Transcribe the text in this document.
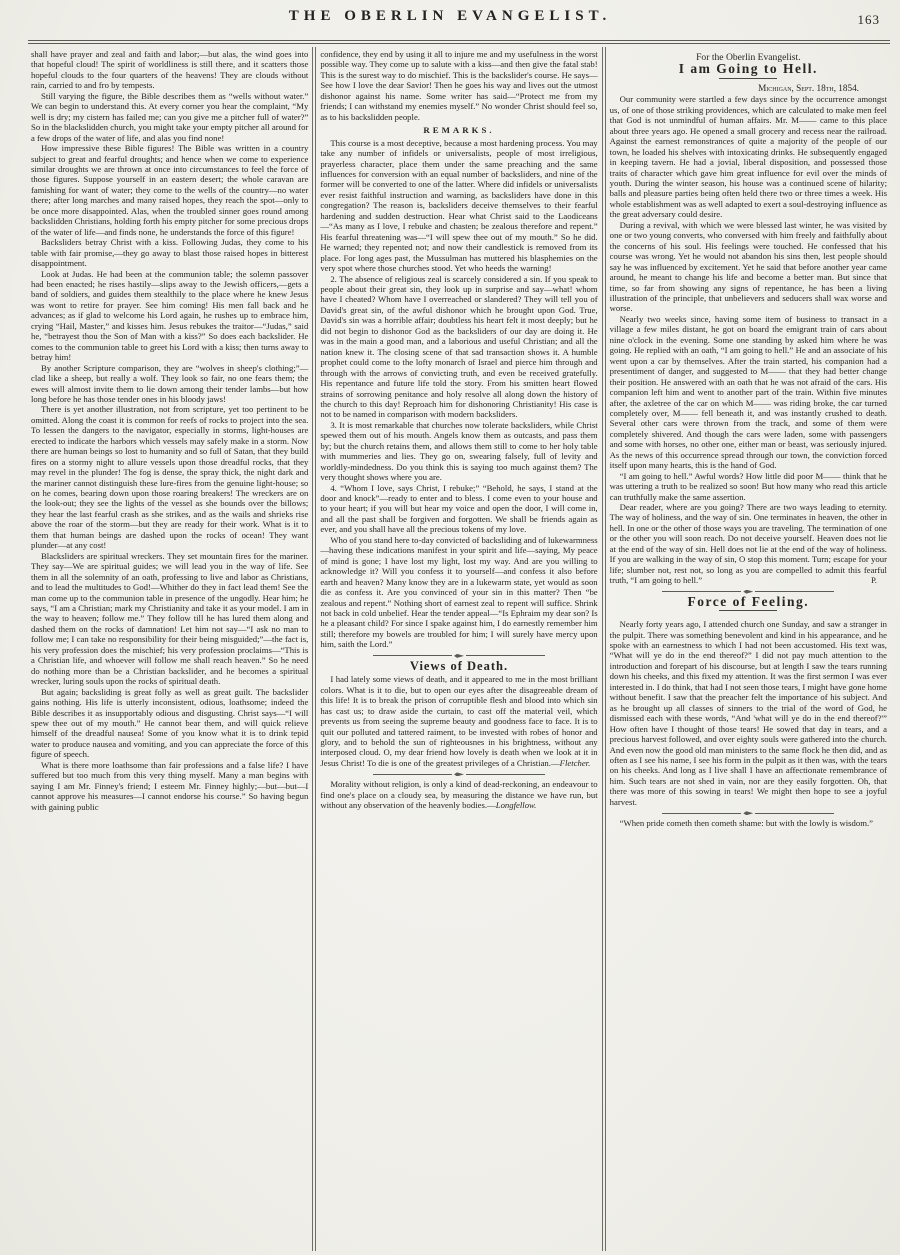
THE OBERLIN EVANGELIST.	163

shall have prayer and zeal and faith and labor;—but alas, the wind goes into that hopeful cloud! The spirit of worldliness is still there, and it scatters those hopeful clouds to the four quarters of the heavens! They are clouds without rain, carried to and fro by tempests.

Still varying the figure, the Bible describes them as “wells without water.” We can begin to understand this. At every corner you hear the complaint, “My well is dry; my cistern has failed me; can you give me a pitcher full of water?” So in the blackslidden church, you might take your empty pitcher all around for a few drops of the water of life, and alas you find none!

How impressive these Bible figures! The Bible was written in a country subject to great and fearful droughts; and hence when we come to experience similar droughts we are thrown at once into circumstances to feel the force of those figures. Suppose yourself in an eastern desert; the whole caravan are famishing for want of water; they come to the wells of the country—no water there; after long marches and many raised hopes, they reach the spot—only to be once more disappointed. Alas, when the troubled sinner goes round among backslidden Christians, holding forth his empty pitcher for some precious drops of the water of life—and finds none, he understands the force of this figure!

Backsliders betray Christ with a kiss. Following Judas, they come to his table with fair promise,—they go away to blast those raised hopes in bitterest disappointment.

Look at Judas. He had been at the communion table; the solemn passover had been enacted; he rises hastily—slips away to the Jewish officers,—gets a band of soldiers, and guides them stealthily to the place where he knew Jesus was wont to retire for prayer. See him coming! His men fall back and he advances; as if glad to welcome his Lord again, he rushes up to embrace him, crying “Hail, Master,” and kisses him. Jesus rebukes the traitor—“Judas,” said he, “betrayest thou the Son of Man with a kiss?” So does each backslider. He comes to the communion table to greet his Lord with a kiss; then turns away to betray him!

By another Scripture comparison, they are “wolves in sheep's clothing;”—clad like a sheep, but really a wolf. They look so fair, no one fears them; the ewes will almost invite them to lie down among their tender lambs—but how long before he has those tender ones in his bloody jaws!

There is yet another illustration, not from scripture, yet too pertinent to be omitted. Along the coast it is common for reefs of rocks to project into the sea. To lessen the dangers to the navigator, especially in storms, light-houses are erected to indicate the harbors which vessels may safely make in a storm. Now there are human beings so lost to humanity and so full of Satan, that they build fires on a stormy night to allure vessels upon those dreadful rocks, that they may revel in the plunder! The fog is dense, the spray thick, the night dark and the mariner cannot distinguish these lure-fires from the genuine light-house; so on he comes, bearing down upon those roaring breakers! The wreckers are on the look-out; they see the lights of the vessel as she bounds over the billows; they hear the last fearful crash as she strikes, and as the wails and shrieks rise above the roar of the storm—but they are ready for their work. What is it to them that human beings are dashed upon the rocks of ocean! They want plunder—at any cost!

Blacksliders are spiritual wreckers. They set mountain fires for the mariner. They say—We are spiritual guides; we will lead you in the way of life. See them in all the solemnity of an oath, professing to live and labor as Christians, and to lead the multitudes to God!—Whither do they in fact lead them! See the man come up to the communion table in presence of the ungodly. Hear him; he says, “I am a Christian; mark my Christianity and take it as your model. I am in the way to heaven; follow me.” They follow till he has lured them along and dashed them on the rocks of damnation! Let him not say—“I ask no man to follow me; I can take no responsibility for their being misguided;”—the fact is, his very profession does the mischief; his very profession proclaims—“This is a Christian life, and whoever will follow me shall reach heaven.” So he need do nothing more than be a Christian backslider, and he becomes a spiritual wrecker, luring souls upon the rocks of spiritual death.

But again; backsliding is great folly as well as great guilt. The backslider gains nothing. His life is utterly inconsistent, odious, loathsome; indeed the Bible describes it as insupportably odious and disgusting. Christ says—“I will spew thee out of my mouth.” He cannot bear them, and will quick relieve himself of the dreadful nausea! Some of you know what it is to drink tepid water to produce nausea and vomiting, and you can appreciate the force of this figure of speech.

What is there more loathsome than fair professions and a false life? I have suffered but too much from this very thing myself. Many a man begins with saying I am Mr. Finney's friend; I esteem Mr. Finney highly;—but—but—I cannot approve his measures—I cannot endorse his course.” So having begun with gaining public

confidence, they end by using it all to injure me and my usefulness in the worst possible way. They come up to salute with a kiss—and then give the fatal stab! This is the surest way to do mischief. This is the backslider's course. He says—See how I love the dear Savior! Then he goes his way and lives out the utmost dishonor against his name. Some writer has said—“Protect me from my friends; I can withstand my enemies myself.” No wonder Christ should feel so, as to his backslidden people.

REMARKS.

This course is a most deceptive, because a most hardening process. You may take any number of infidels or universalists, people of most irreligious, prayerless character, place them under the same preaching and the same influences for conversion with an equal number of backsliders, and nine of the former will be converted to one of the latter. Where did infidels or universalists ever resist faithful instruction and warning, as backsliders have done in this congregation? The reason is, backsliders deceive themselves to their fearful hardening and sudden destruction. Hear what Christ said to the Laodiceans—“As many as I love, I rebuke and chasten; be zealous therefore and repent.” His fearful threatening was—“I will spew thee out of my mouth.” So he did. He warned; they repented not; and now their candlestick is removed from its place. For long ages past, the Mussulman has muttered his blasphemies on the very spot where those churches stood. Yet who heeds the warning!

2. The absence of religious zeal is scarcely considered a sin. If you speak to people about their great sin, they look up in surprise and say—what! whom have I cheated? Whom have I overreached or slandered? They will tell you of David's great sin, of the awful dishonor which he brought upon God. True, David's sin was a horrible affair; doubtless his heart felt it most deeply; but he did not begin to dishonor God as the backsliders of our day are doing it. He was in the main a good man, and a laborious and useful Christian; and all the nation knew it. The closing scene of that sad transaction shows it. A humble prophet could come to the lofty monarch of Israel and pierce him through and through with the arrows of convicting truth, and even be received gratefully. His repentance and future life told the story. From his smitten heart flowed strains of sorrowing penitance and holy resolve all along down the history of the church to this day! Reproach him for dishonoring Christianity! His case is not to be named in comparison with modern backsliders.

3. It is most remarkable that churches now tolerate backsliders, while Christ spewed them out of his mouth. Angels know them as outcasts, and pass them by; but the church retains them, and allows them still to come to her holy table with mummeries and lies. They go on, swearing falsely, full of levity and worldly-mindedness. Do you think this is saying too much against them? The very thought shows where you are.

4. “Whom I love, says Christ, I rebuke;” “Behold, he says, I stand at the door and knock”—ready to enter and to bless. I come even to your house and to your heart; if you will but hear my voice and open the door, I will come in, and all the past shall be forgiven and forgotten. We shall be friends again as ever, and you shall have all the precious tokens of my love.

Who of you stand here to-day convicted of backsliding and of lukewarmness—having these indications manifest in your spirit and life—saying, My peace of mind is gone; I have lost my light, lost my way. And are you willing to acknowledge it? Will you confess it to yourself—and confess it also before earth and heaven? Many know they are in a lukewarm state, yet would as soon die as confess it. Are you convinced of your sin in this matter? Then “be zealous and repent.” Nothing short of earnest zeal to repent will suffice. Shrink not back in cold unbelief. Hear the tender appeal—“Is Ephraim my dear son? Is he a pleasant child? For since I spake against him, I do earnestly remember him still; therefore my bowels are troubled for him; I will surely have mercy upon him, saith the Lord.”

Views of Death.

I had lately some views of death, and it appeared to me in the most brilliant colors. What is it to die, but to open our eyes after the disagreeable dream of this life! It is to break the prison of corruptible flesh and blood into which sin has cast us; to draw aside the curtain, to cast off the material veil, which prevents us from seeing the supreme beauty and goodness face to face. It is to quit our polluted and tattered raiment, to be invested with robes of honor and glory, and to behold the sun of righteousnes in his brightness, without any interposed cloud. O, my dear friend how lovely is death when we look at it in Jesus Christ! To die is one of the greatest privileges of a Christian.—Fletcher.

Morality without religion, is only a kind of dead-reckoning, an endeavour to find one's place on a cloudy sea, by measuring the distance we have run, but without any observation of the heavenly bodies.—Longfellow.

For the Oberlin Evangelist.

I am Going to Hell.

Michigan, Sept. 18th, 1854.

Our community were startled a few days since by the occurrence amongst us, of one of those striking providences, which are calculated to make men feel that God is not unmindful of human affairs. Mr. M—— came to this place about three years ago. He opened a small grocery and recess near the railroad. Against the earnest remonstrances of quite a majority of the people of our town, he loaded his shelves with intoxicating drinks. He subsequently engaged in keeping tavern. He had a jovial, liberal disposition, and possessed those traits of character which gave him great influence for evil over the minds of youth. During the winter season, his house was a continued scene of hilarity; balls and pleasure parties being often held there two or three times a week. His whole establishment was as well adapted to exert a soul-destroying influence as the great adversary could desire.

During a revival, with which we were blessed last winter, he was visited by one or two young converts, who conversed with him freely and faithfully about the concerns of his soul. His feelings were touched. He confessed that his course was wrong. Yet he would not abandon his sins then, lest people should say he was influenced by excitement. Yet he said that before another year came around, he meant to change his life and become a better man. But since that time, so far from showing any signs of repentance, he has been a living illustration of the principle, that unbelievers and seducers shall wax worse and worse.

Nearly two weeks since, having some item of business to transact in a village a few miles distant, he got on board the emigrant train of cars about nine o'clock in the evening. Some one standing by asked him where he was going. He replied with an oath, “I am going to hell.” He and an associate of his went upon a car by themselves. After the train started, his companion had a presentiment of danger, and suggested to M—— that they had better change their position. He answered with an oath that he was not afraid of the cars. His companion left him and went to another part of the train. Within five minutes after, the axletree of the car on which M—— was riding broke, the car turned completely over, M—— fell beneath it, and was instantly crushed to death. Several other cars were thrown from the track, and some of them were completely shivered. And though the cars were laden, some with passengers and some with horses, no other one, either man or beast, was seriously injured. As the news of this occurrence spread through our town, the conviction forced itself upon many hearts, this is the hand of God.

“I am going to hell.” Awful words? How little did poor M—— think that he was uttering a truth to be realized so soon! But how many who read this article can truthfully make the same assertion.

Dear reader, where are you going? There are two ways leading to eternity. The way of holiness, and the way of sin. One terminates in heaven, the other in hell. In one or the other of those ways you are traveling. The termination of one or the other you will soon reach. Do not deceive yourself. Heaven does not lie at the end of the way of sin. Hell does not lie at the end of the way of holiness. If you are walking in the way of sin, O stop this moment. Turn; escape for your life; slumber not, rest not, so long as you are compelled to admit this fearful truth, “I am going to hell.”	P.

Force of Feeling.

Nearly forty years ago, I attended church one Sunday, and saw a stranger in the pulpit. There was something benevolent and kind in his appearance, and he spoke with an earnestness to which I had not been accustomed. His text was, “What will ye do in the end thereof?” I did not pay much attention to the introduction and forepart of his discourse, but at length I saw the tears running down his cheeks, and this fixed my attention. It was the first sermon I was ever interested in. I do think, that had I not seen those tears, I might have gone home without benefit. I saw that the preacher felt the importance of his subject. And as he brought up all classes of sinners to the trial of the word of God, he dismissed each with these words, “And 'what will ye do in the end thereof?'” How often have I thought of those tears! He sowed that day in tears, and a precious harvest followed, and over eighty souls were gathered into the church. And even now the good old man ministers to the same flock he then did, and as often as I see his name, I see his form in the pulpit as it then was, with the tears on his cheeks. And long as I live shall I have an affectionate remembrance of him. Such tears are not shed in vain, nor are they easily forgotten. Oh, that there was more of this sowing in tears! We might then hope to see a joyful harvest.

“When pride cometh then cometh shame: but with the lowly is wisdom.”
